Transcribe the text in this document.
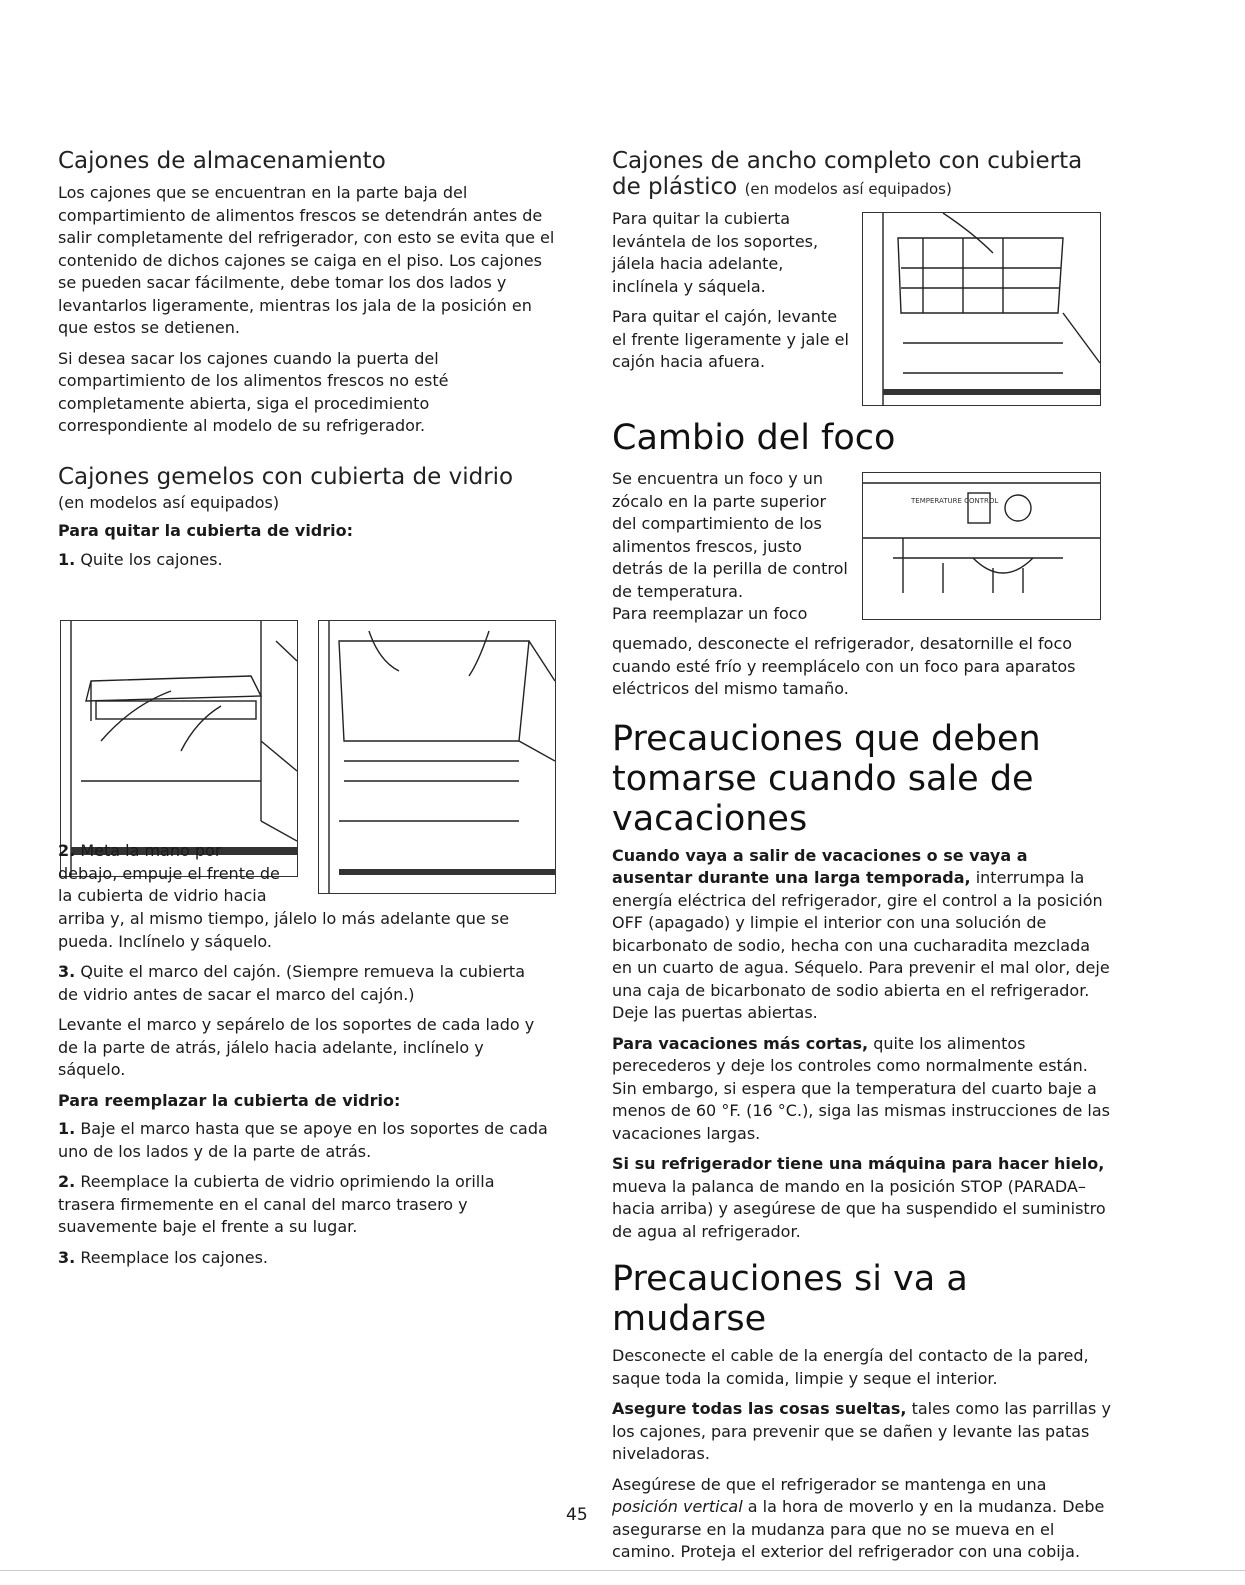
Cajones de almacenamiento

Los cajones que se encuentran en la parte baja del compartimiento de alimentos frescos se detendrán antes de salir completamente del refrigerador, con esto se evita que el contenido de dichos cajones se caiga en el piso. Los cajones se pueden sacar fácilmente, debe tomar los dos lados y levantarlos ligeramente, mientras los jala de la posición en que estos se detienen.

Si desea sacar los cajones cuando la puerta del compartimiento de los alimentos frescos no esté completamente abierta, siga el procedimiento correspondiente al modelo de su refrigerador.

Cajones gemelos con cubierta de vidrio

(en modelos así equipados)

Para quitar la cubierta de vidrio:

1. Quite los cajones.

2. Meta la mano por

debajo, empuje el frente de

la cubierta de vidrio hacia

arriba y, al mismo tiempo, jálelo lo más adelante que se pueda. Inclínelo y sáquelo.

3. Quite el marco del cajón. (Siempre remueva la cubierta de vidrio antes de sacar el marco del cajón.)

Levante el marco y sepárelo de los soportes de cada lado y de la parte de atrás, jálelo hacia adelante, inclínelo y sáquelo.

Para reemplazar la cubierta de vidrio:

1. Baje el marco hasta que se apoye en los soportes de cada uno de los lados y de la parte de atrás.

2. Reemplace la cubierta de vidrio oprimiendo la orilla trasera firmemente en el canal del marco trasero y suavemente baje el frente a su lugar.

3. Reemplace los cajones.

Cajones de ancho completo con cubierta
de plástico (en modelos así equipados)

Para quitar la cubierta levántela de los soportes, jálela hacia adelante, inclínela y sáquela.

Para quitar el cajón, levante el frente ligeramente y jale el cajón hacia afuera.

Cambio del foco

Se encuentra un foco y un zócalo en la parte superior del compartimiento de los alimentos frescos, justo detrás de la perilla de control de temperatura.

Para reemplazar un foco

TEMPERATURE CONTROL

quemado, desconecte el refrigerador, desatornille el foco cuando esté frío y reemplácelo con un foco para aparatos eléctricos del mismo tamaño.

Precauciones que deben tomarse cuando sale de vacaciones

Cuando vaya a salir de vacaciones o se vaya a ausentar durante una larga temporada, interrumpa la energía eléctrica del refrigerador, gire el control a la posición OFF (apagado) y limpie el interior con una solución de bicarbonato de sodio, hecha con una cucharadita mezclada en un cuarto de agua. Séquelo. Para prevenir el mal olor, deje una caja de bicarbonato de sodio abierta en el refrigerador. Deje las puertas abiertas.

Para vacaciones más cortas, quite los alimentos perecederos y deje los controles como normalmente están. Sin embargo, si espera que la temperatura del cuarto baje a menos de 60 °F. (16 °C.), siga las mismas instrucciones de las vacaciones largas.

Si su refrigerador tiene una máquina para hacer hielo, mueva la palanca de mando en la posición STOP (PARADA–hacia arriba) y asegúrese de que ha suspendido el suministro de agua al refrigerador.

Precauciones si va a mudarse

Desconecte el cable de la energía del contacto de la pared, saque toda la comida, limpie y seque el interior.

Asegure todas las cosas sueltas, tales como las parrillas y los cajones, para prevenir que se dañen y levante las patas niveladoras.

Asegúrese de que el refrigerador se mantenga en una posición vertical a la hora de moverlo y en la mudanza. Debe asegurarse en la mudanza para que no se mueva en el camino. Proteja el exterior del refrigerador con una cobija.

45
